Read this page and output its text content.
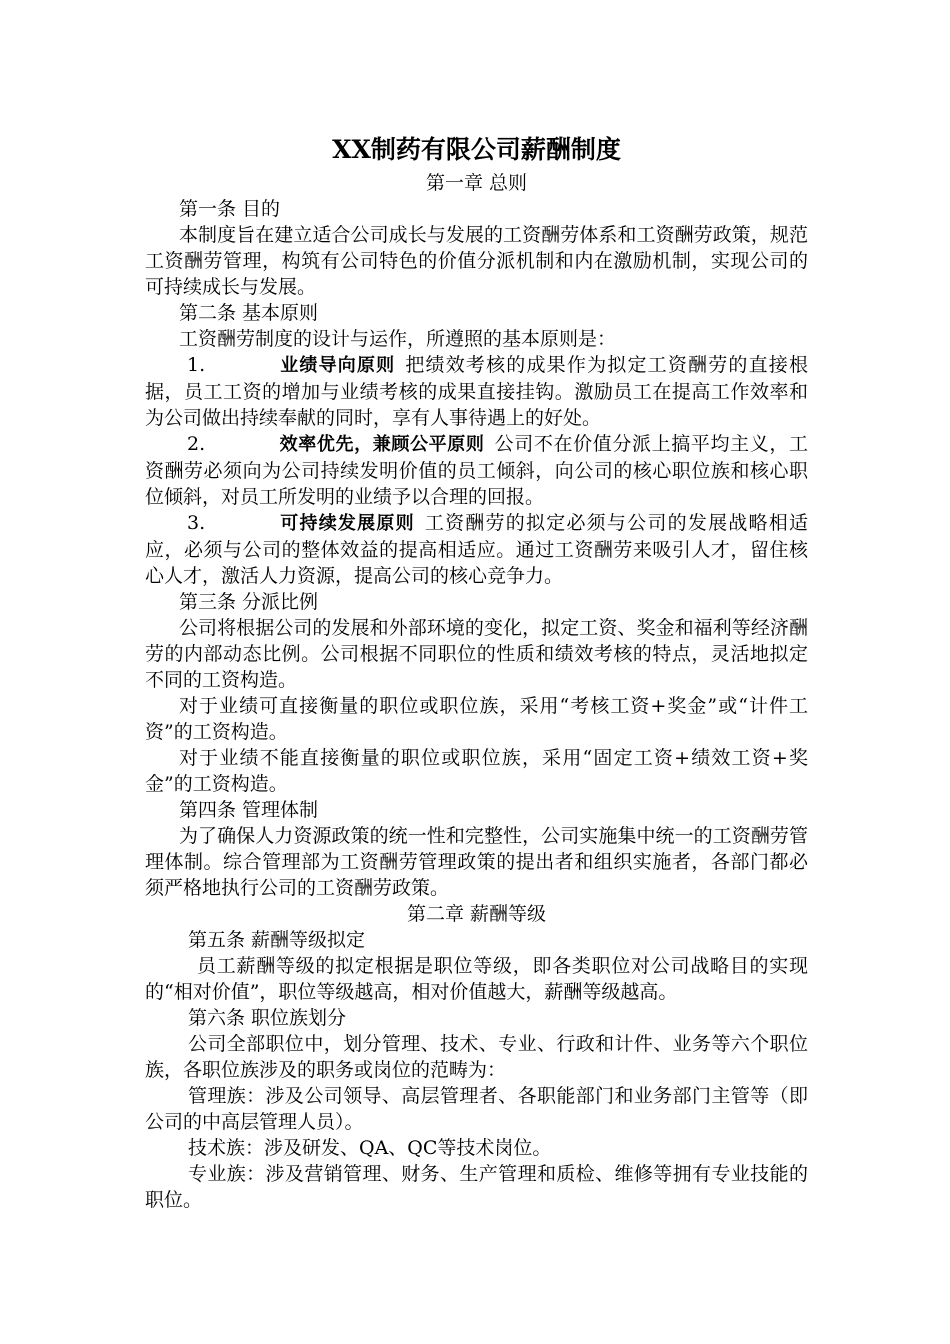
XX制药有限公司薪酬制度

第一章 总则

第一条 目的

本制度旨在建立适合公司成长与发展的工资酬劳体系和工资酬劳政策，规范工资酬劳管理，构筑有公司特色的价值分派机制和内在激励机制，实现公司的可持续成长与发展。

第二条 基本原则

工资酬劳制度的设计与运作，所遵照的基本原则是：

1.	业绩导向原则 把绩效考核的成果作为拟定工资酬劳的直接根据，员工工资的增加与业绩考核的成果直接挂钩。激励员工在提高工作效率和为公司做出持续奉献的同时，享有人事待遇上的好处。

2.	效率优先，兼顾公平原则 公司不在价值分派上搞平均主义，工资酬劳必须向为公司持续发明价值的员工倾斜，向公司的核心职位族和核心职位倾斜，对员工所发明的业绩予以合理的回报。

3.	可持续发展原则 工资酬劳的拟定必须与公司的发展战略相适应，必须与公司的整体效益的提高相适应。通过工资酬劳来吸引人才，留住核心人才，激活人力资源，提高公司的核心竞争力。

第三条 分派比例

公司将根据公司的发展和外部环境的变化，拟定工资、奖金和福利等经济酬劳的内部动态比例。公司根据不同职位的性质和绩效考核的特点，灵活地拟定不同的工资构造。

对于业绩可直接衡量的职位或职位族，采用“考核工资+奖金”或“计件工资”的工资构造。

对于业绩不能直接衡量的职位或职位族，采用“固定工资+绩效工资+奖金”的工资构造。

第四条 管理体制

为了确保人力资源政策的统一性和完整性，公司实施集中统一的工资酬劳管理体制。综合管理部为工资酬劳管理政策的提出者和组织实施者，各部门都必须严格地执行公司的工资酬劳政策。

第二章 薪酬等级

第五条 薪酬等级拟定

员工薪酬等级的拟定根据是职位等级，即各类职位对公司战略目的实现的“相对价值”，职位等级越高，相对价值越大，薪酬等级越高。

第六条 职位族划分

公司全部职位中，划分管理、技术、专业、行政和计件、业务等六个职位族，各职位族涉及的职务或岗位的范畴为：

管理族：涉及公司领导、高层管理者、各职能部门和业务部门主管等（即公司的中高层管理人员）。

技术族：涉及研发、QA、QC等技术岗位。

专业族：涉及营销管理、财务、生产管理和质检、维修等拥有专业技能的职位。
